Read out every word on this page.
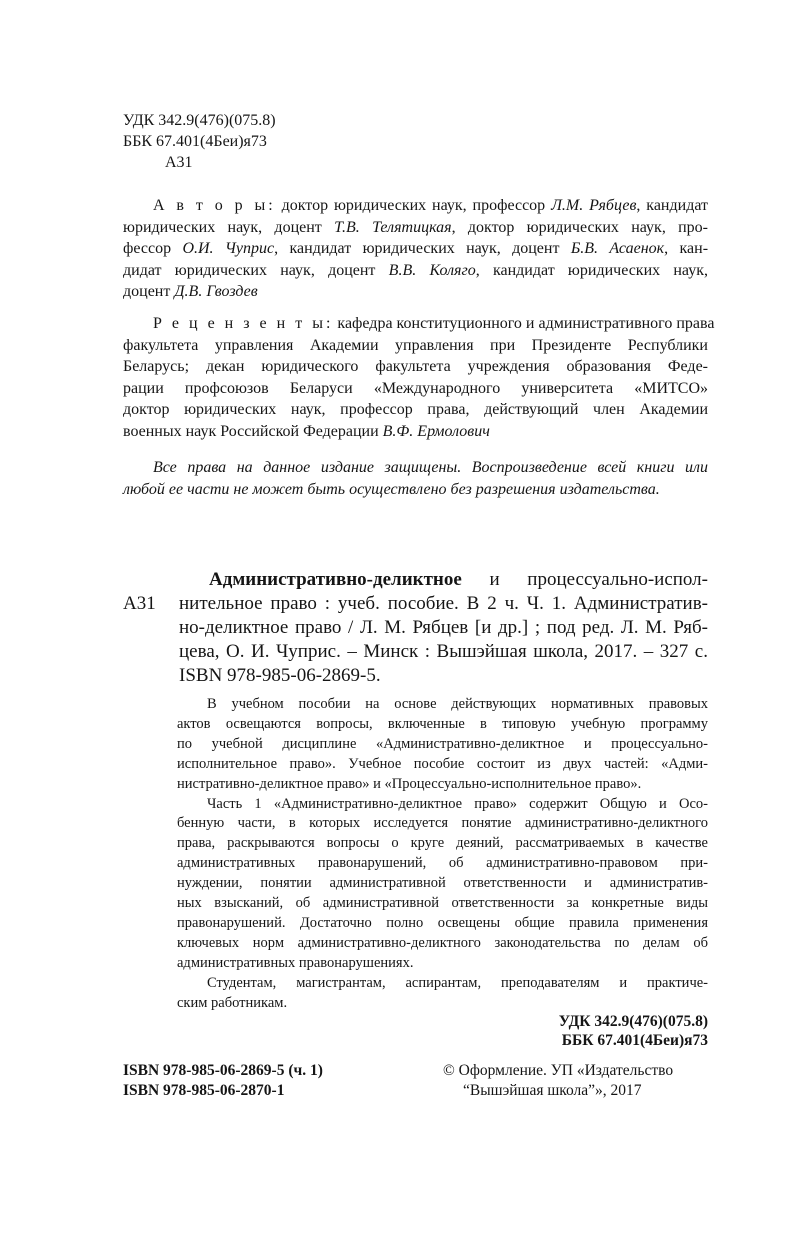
УДК 342.9(476)(075.8)
ББК 67.401(4Беи)я73
А31
А в т о р ы: доктор юридических наук, профессор Л.М. Рябцев, кандидат
юридических наук, доцент Т.В. Телятицкая, доктор юридических наук, про-
фессор О.И. Чуприс, кандидат юридических наук, доцент Б.В. Асаенок, кан-
дидат юридических наук, доцент В.В. Коляго, кандидат юридических наук,
доцент Д.В. Гвоздев
Р е ц е н з е н т ы: кафедра конституционного и административного права
факультета управления Академии управления при Президенте Республики
Беларусь; декан юридического факультета учреждения образования Феде-
рации профсоюзов Беларуси «Международного университета «МИТСО»
доктор юридических наук, профессор права, действующий член Академии
военных наук Российской Федерации В.Ф. Ермолович
Все права на данное издание защищены. Воспроизведение всей книги или
любой ее части не может быть осуществлено без разрешения издательства.
А31
Административно-деликтное и процессуально-испол-
нительное право : учеб. пособие. В 2 ч. Ч. 1. Административ-
но-деликтное право / Л. М. Рябцев [и др.] ; под ред. Л. М. Ряб-
цева, О. И. Чуприс. – Минск : Вышэйшая школа, 2017. – 327 с.
ISBN 978-985-06-2869-5.
В учебном пособии на основе действующих нормативных правовых
актов освещаются вопросы, включенные в типовую учебную программу
по учебной дисциплине «Административно-деликтное и процессуально-
исполнительное право». Учебное пособие состоит из двух частей: «Адми-
нистративно-деликтное право» и «Процессуально-исполнительное право».
Часть 1 «Административно-деликтное право» содержит Общую и Осо-
бенную части, в которых исследуется понятие административно-деликтного
права, раскрываются вопросы о круге деяний, рассматриваемых в качестве
административных правонарушений, об административно-правовом при-
нуждении, понятии административной ответственности и административ-
ных взысканий, об административной ответственности за конкретные виды
правонарушений. Достаточно полно освещены общие правила применения
ключевых норм административно-деликтного законодательства по делам об
административных правонарушениях.
Студентам, магистрантам, аспирантам, преподавателям и практиче-
ским работникам.
УДК 342.9(476)(075.8)
ББК 67.401(4Беи)я73
ISBN 978-985-06-2869-5 (ч. 1)
ISBN 978-985-06-2870-1
© Оформление. УП «Издательство
“Вышэйшая школа”», 2017
